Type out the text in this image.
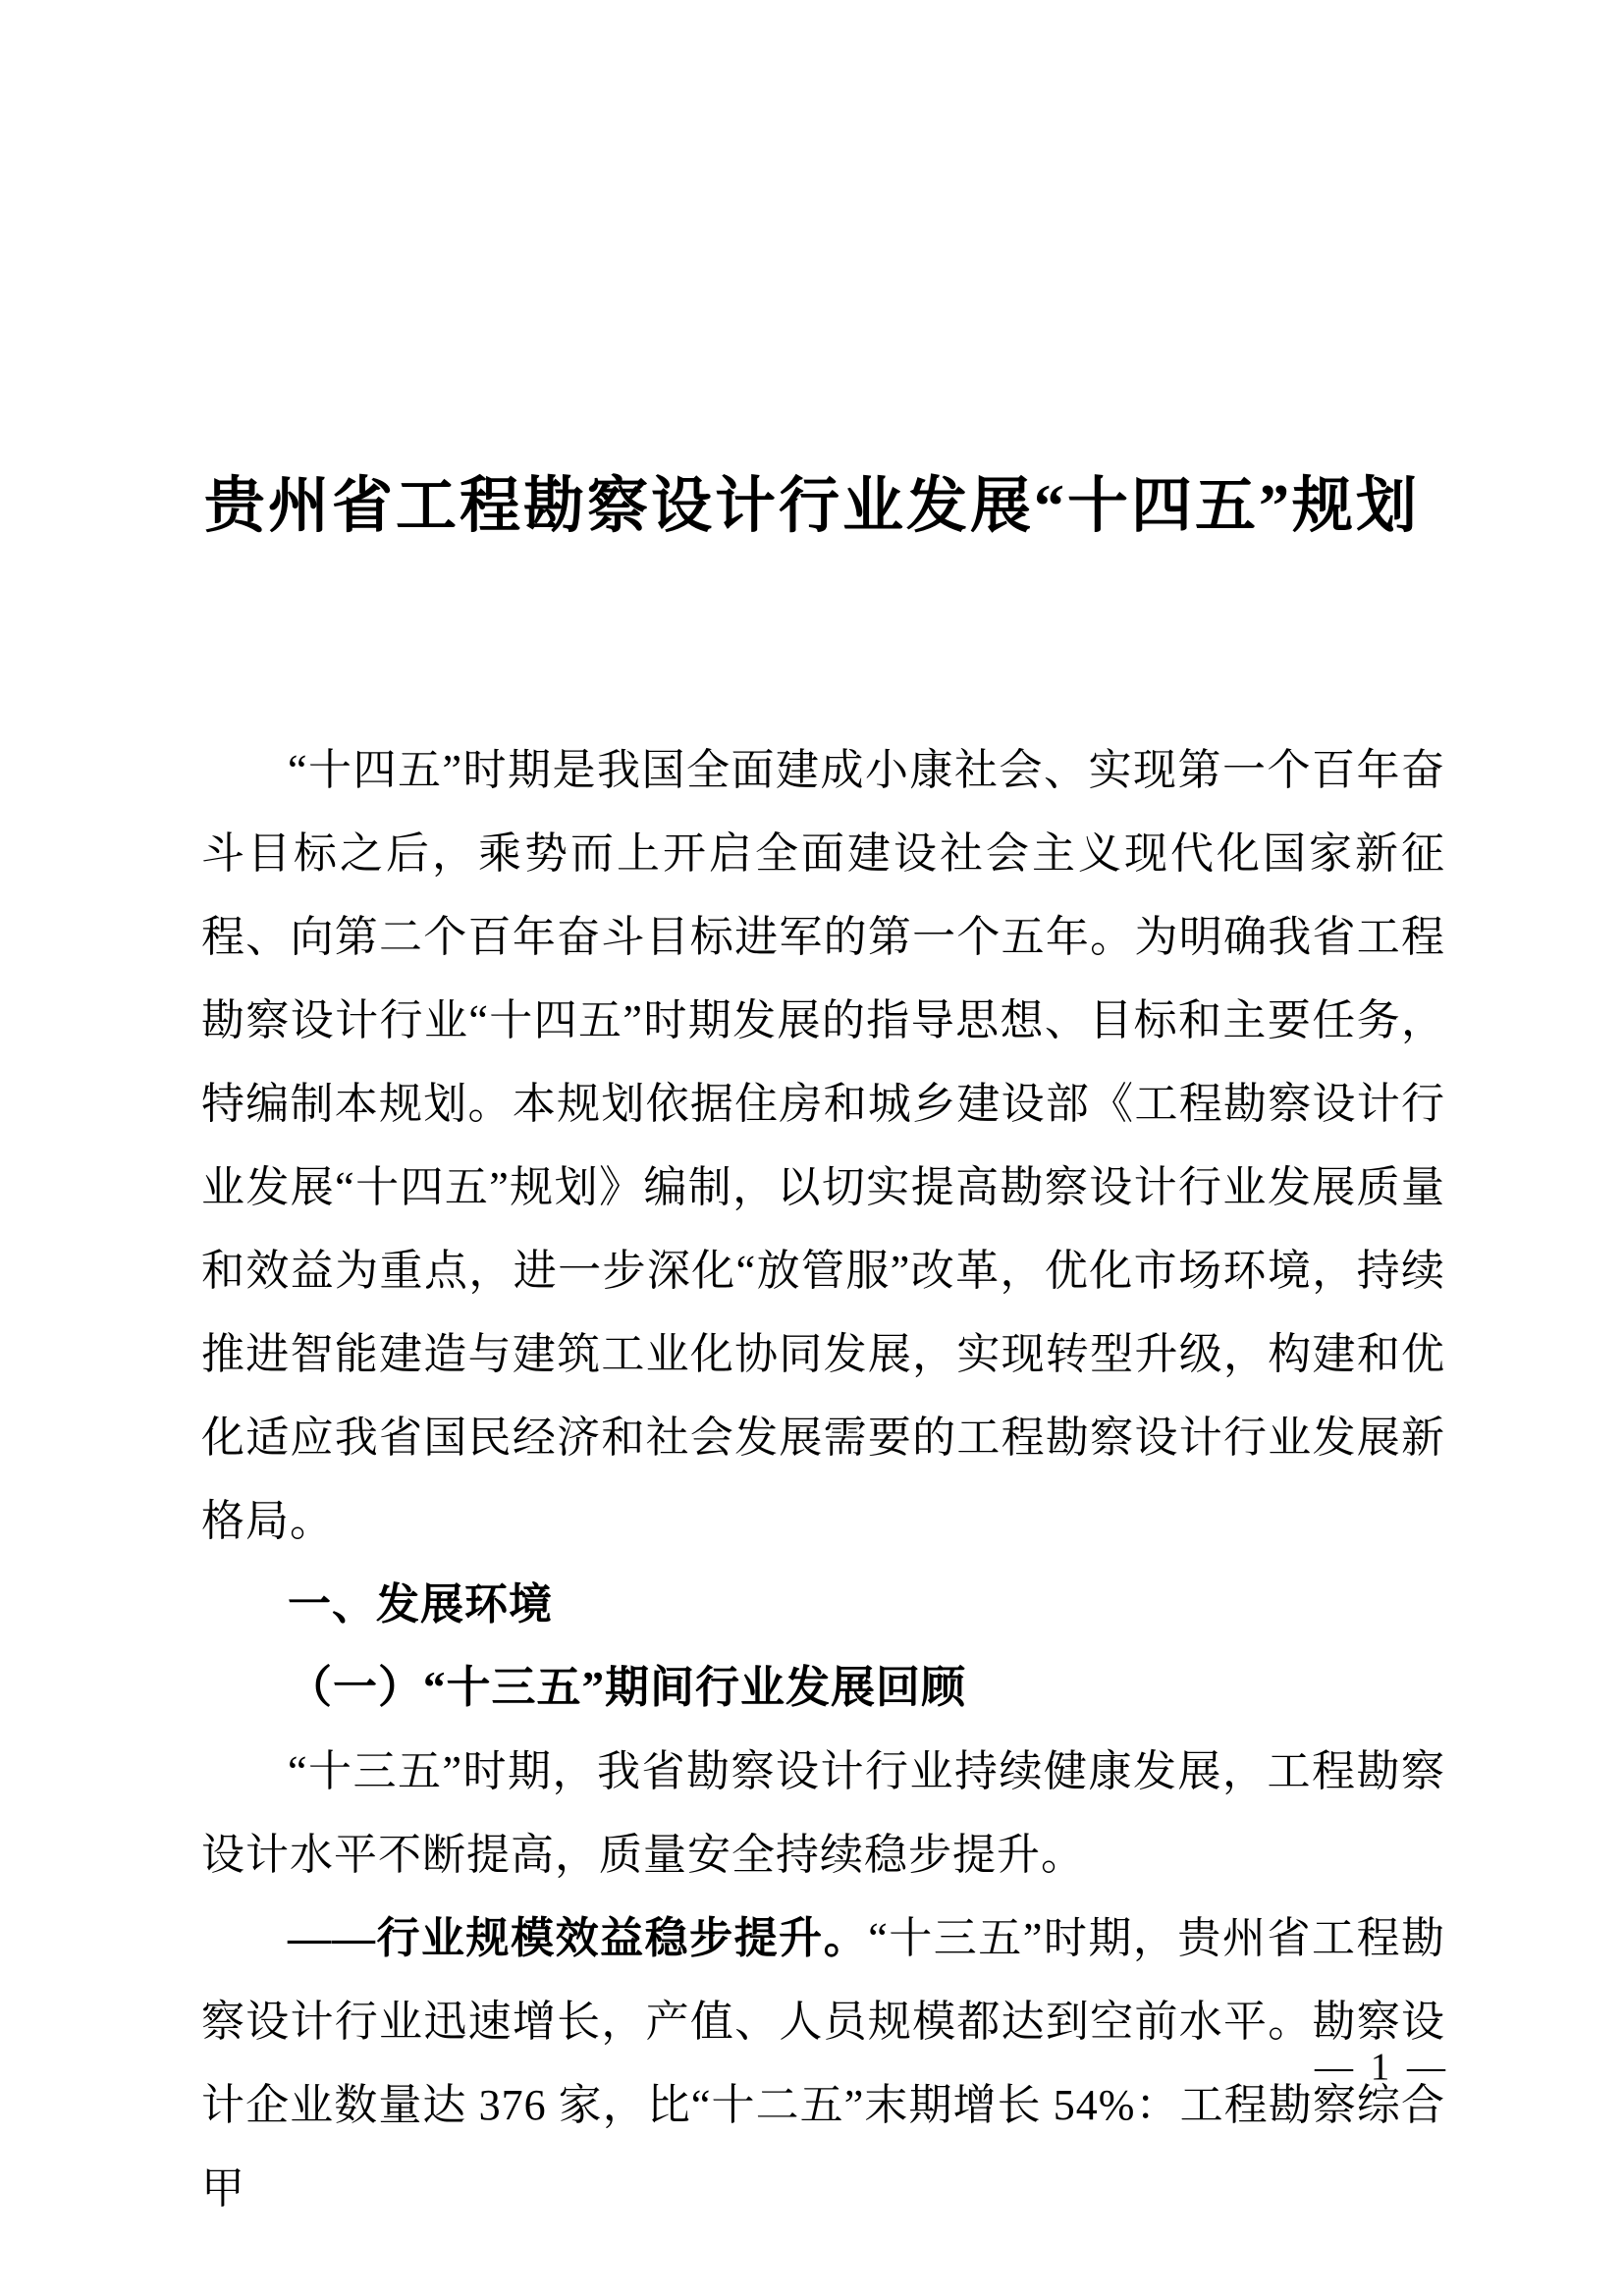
贵州省工程勘察设计行业发展“十四五”规划

“十四五”时期是我国全面建成小康社会、实现第一个百年奋斗目标之后，乘势而上开启全面建设社会主义现代化国家新征程、向第二个百年奋斗目标进军的第一个五年。为明确我省工程勘察设计行业“十四五”时期发展的指导思想、目标和主要任务，特编制本规划。本规划依据住房和城乡建设部《工程勘察设计行业发展“十四五”规划》编制，以切实提高勘察设计行业发展质量和效益为重点，进一步深化“放管服”改革，优化市场环境，持续推进智能建造与建筑工业化协同发展，实现转型升级，构建和优化适应我省国民经济和社会发展需要的工程勘察设计行业发展新格局。

一、发展环境
（一）“十三五”期间行业发展回顾

“十三五”时期，我省勘察设计行业持续健康发展，工程勘察设计水平不断提高，质量安全持续稳步提升。

——行业规模效益稳步提升。“十三五”时期，贵州省工程勘察设计行业迅速增长，产值、人员规模都达到空前水平。勘察设计企业数量达 376 家，比“十二五”末期增长 54%：工程勘察综合甲

— 1 —
